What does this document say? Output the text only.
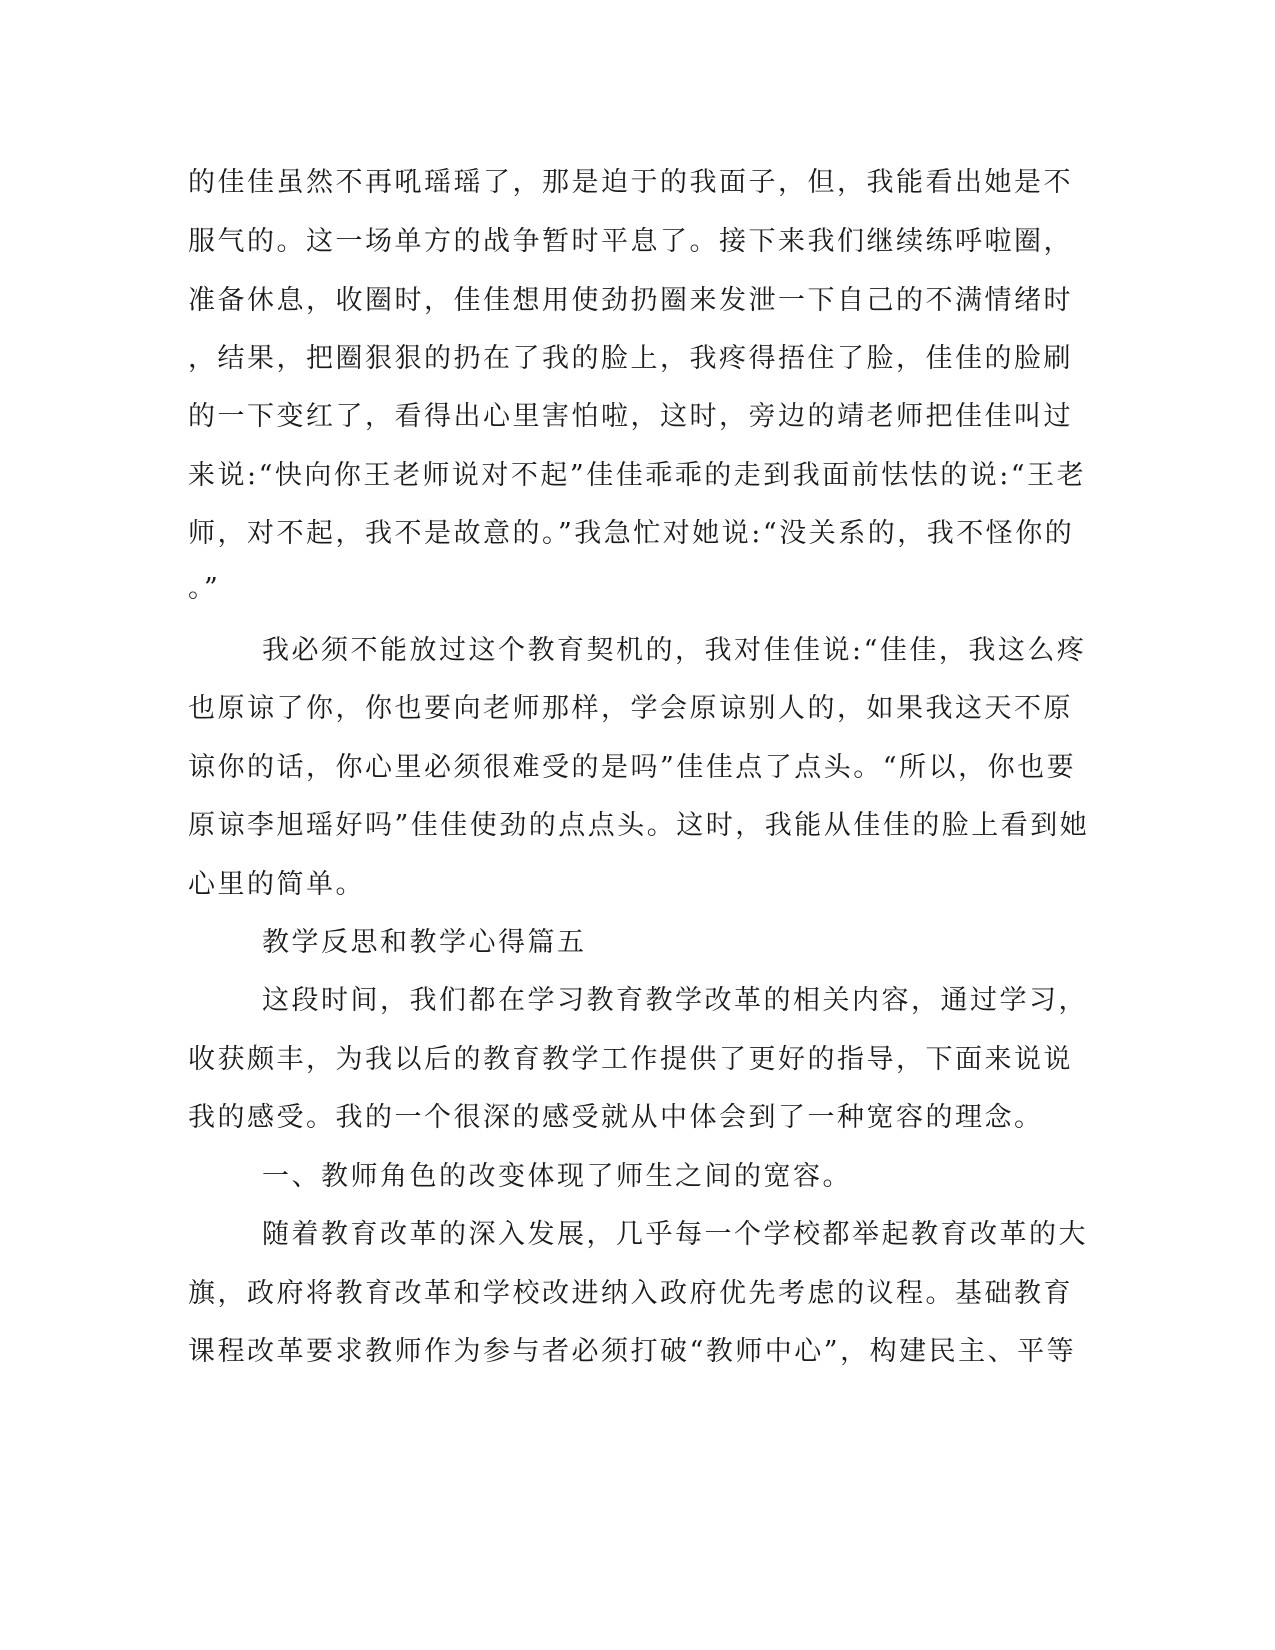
的佳佳虽然不再吼瑶瑶了，那是迫于的我面子，但，我能看出她是不
服气的。这一场单方的战争暂时平息了。接下来我们继续练呼啦圈，
准备休息，收圈时，佳佳想用使劲扔圈来发泄一下自己的不满情绪时
，结果，把圈狠狠的扔在了我的脸上，我疼得捂住了脸，佳佳的脸刷
的一下变红了，看得出心里害怕啦，这时，旁边的靖老师把佳佳叫过
来说:“快向你王老师说对不起”佳佳乖乖的走到我面前怯怯的说:“王老
师，对不起，我不是故意的。”我急忙对她说:“没关系的，我不怪你的
。”
我必须不能放过这个教育契机的，我对佳佳说:“佳佳，我这么疼
也原谅了你，你也要向老师那样，学会原谅别人的，如果我这天不原
谅你的话，你心里必须很难受的是吗”佳佳点了点头。“所以，你也要
原谅李旭瑶好吗”佳佳使劲的点点头。这时，我能从佳佳的脸上看到她
心里的简单。
教学反思和教学心得篇五
这段时间，我们都在学习教育教学改革的相关内容，通过学习，
收获颇丰，为我以后的教育教学工作提供了更好的指导，下面来说说
我的感受。我的一个很深的感受就从中体会到了一种宽容的理念。
一、教师角色的改变体现了师生之间的宽容。
随着教育改革的深入发展，几乎每一个学校都举起教育改革的大
旗，政府将教育改革和学校改进纳入政府优先考虑的议程。基础教育
课程改革要求教师作为参与者必须打破“教师中心”，构建民主、平等
